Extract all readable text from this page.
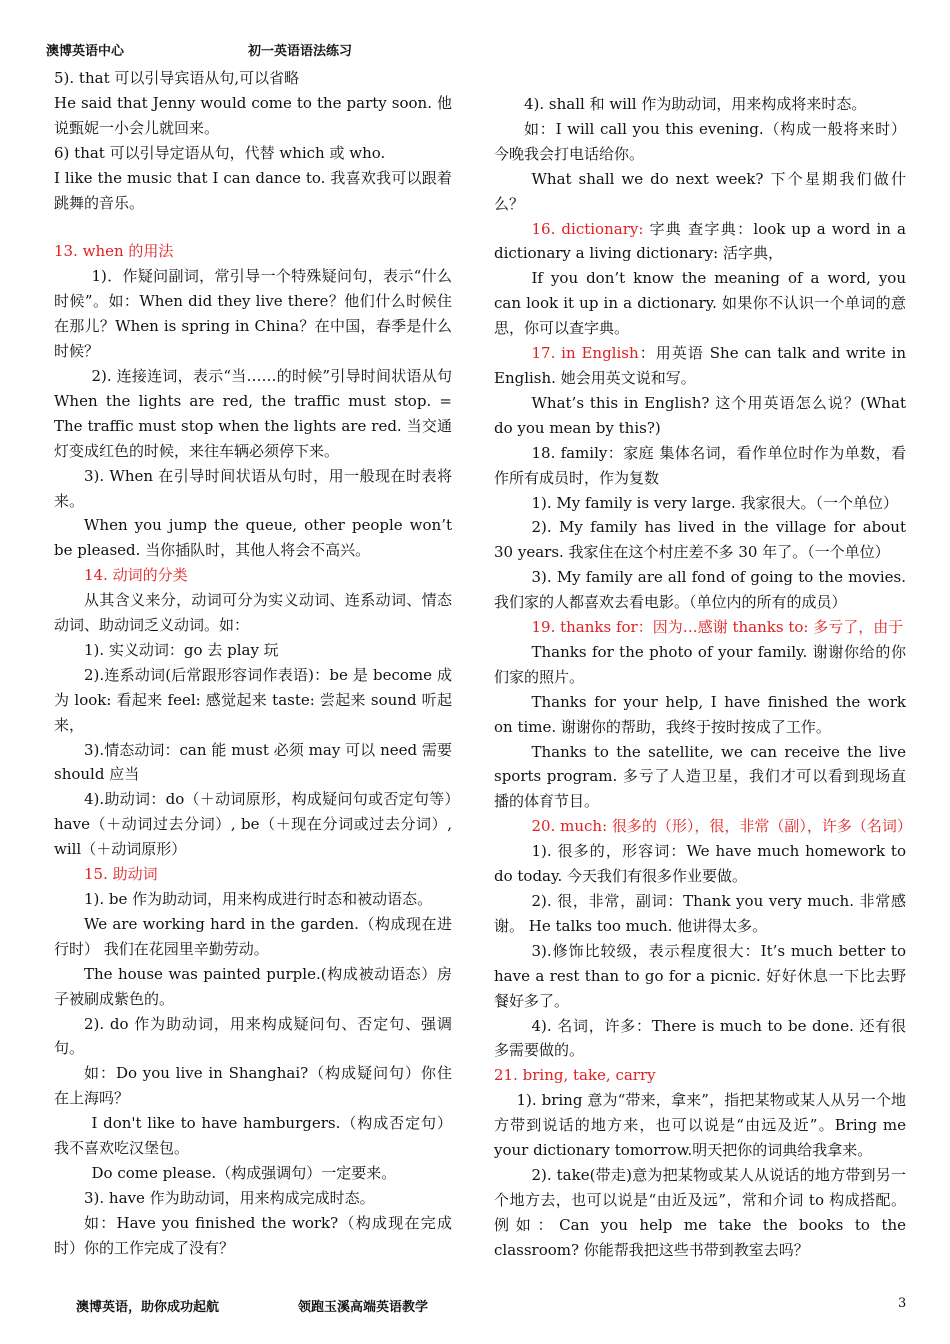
澳博英语中心	初一英语语法练习

5). that 可以引导宾语从句,可以省略

He said that Jenny would come to the party soon. 他说甄妮一小会儿就回来。

6) that 可以引导定语从句，代替 which 或 who.

I like the music that I can dance to. 我喜欢我可以跟着跳舞的音乐。

13. when 的用法

1)．作疑问副词，常引导一个特殊疑问句，表示“什么时候”。如：When did they live there？他们什么时候住在那儿？When is spring in China？在中国，春季是什么时候？

2). 连接连词，表示“当……的时候”引导时间状语从句 When the lights are red, the traffic must stop. = The traffic must stop when the lights are red. 当交通灯变成红色的时候，来往车辆必须停下来。

3). When 在引导时间状语从句时，用一般现在时表将来。

When you jump the queue, other people won’t be pleased. 当你插队时，其他人将会不高兴。

14. 动词的分类

从其含义来分，动词可分为实义动词、连系动词、情态动词、助动词乏义动词。如：

1). 实义动词：go 去 play 玩

2).连系动词(后常跟形容词作表语)：be 是 become 成为 look: 看起来 feel: 感觉起来 taste: 尝起来 sound 听起来，

3).情态动词：can 能 must 必须 may 可以 need 需要 should 应当

4).助动词：do（＋动词原形，构成疑问句或否定句等）have（＋动词过去分词）, be（＋现在分词或过去分词）, will（＋动词原形）

15. 助动词

1). be 作为助动词，用来构成进行时态和被动语态。

We are working hard in the garden.（构成现在进行时） 我们在花园里辛勤劳动。

The house was painted purple.(构成被动语态）房子被刷成紫色的。

2). do 作为助动词，用来构成疑问句、否定句、强调句。

如：Do you live in Shanghai?（构成疑问句）你住在上海吗？

I don't like to have hamburgers.（构成否定句）我不喜欢吃汉堡包。

Do come please.（构成强调句）一定要来。

3). have 作为助动词，用来构成完成时态。

如：Have you finished the work?（构成现在完成时）你的工作完成了没有？

4). shall 和 will 作为助动词，用来构成将来时态。

如：I will call you this evening.（构成一般将来时）今晚我会打电话给你。

What shall we do next week? 下个星期我们做什么？

16. dictionary: 字典 查字典：look up a word in a dictionary a living dictionary: 活字典，

If you don’t know the meaning of a word, you can look it up in a dictionary. 如果你不认识一个单词的意思，你可以查字典。

17. in English：用英语 She can talk and write in English. 她会用英文说和写。

What’s this in English? 这个用英语怎么说？(What do you mean by this?)

18. family：家庭 集体名词，看作单位时作为单数，看作所有成员时，作为复数

1). My family is very large. 我家很大。（一个单位）

2). My family has lived in the village for about 30 years. 我家住在这个村庄差不多 30 年了。（一个单位）

3). My family are all fond of going to the movies. 我们家的人都喜欢去看电影。（单位内的所有的成员）

19. thanks for：因为…感谢 thanks to: 多亏了，由于

Thanks for the photo of your family. 谢谢你给的你们家的照片。

Thanks for your help, I have finished the work on time. 谢谢你的帮助，我终于按时按成了工作。

Thanks to the satellite, we can receive the live sports program. 多亏了人造卫星，我们才可以看到现场直播的体育节目。

20. much: 很多的（形），很，非常（副），许多（名词）

1). 很多的，形容词：We have much homework to do today. 今天我们有很多作业要做。

2). 很，非常，副词：Thank you very much. 非常感谢。 He talks too much. 他讲得太多。

3).修饰比较级，表示程度很大：It’s much better to have a rest than to go for a picnic. 好好休息一下比去野餐好多了。

4). 名词，许多：There is much to be done. 还有很多需要做的。

21. bring, take, carry

1). bring 意为“带来，拿来”，指把某物或某人从另一个地方带到说话的地方来，也可以说是“由远及近”。Bring me your dictionary tomorrow.明天把你的词典给我拿来。

2). take(带走)意为把某物或某人从说话的地方带到另一个地方去，也可以说是“由近及远”，常和介词 to 构成搭配。例如：Can you help me take the books to the classroom? 你能帮我把这些书带到教室去吗？

澳博英语，助你成功起航	领跑玉溪高端英语教学	3
